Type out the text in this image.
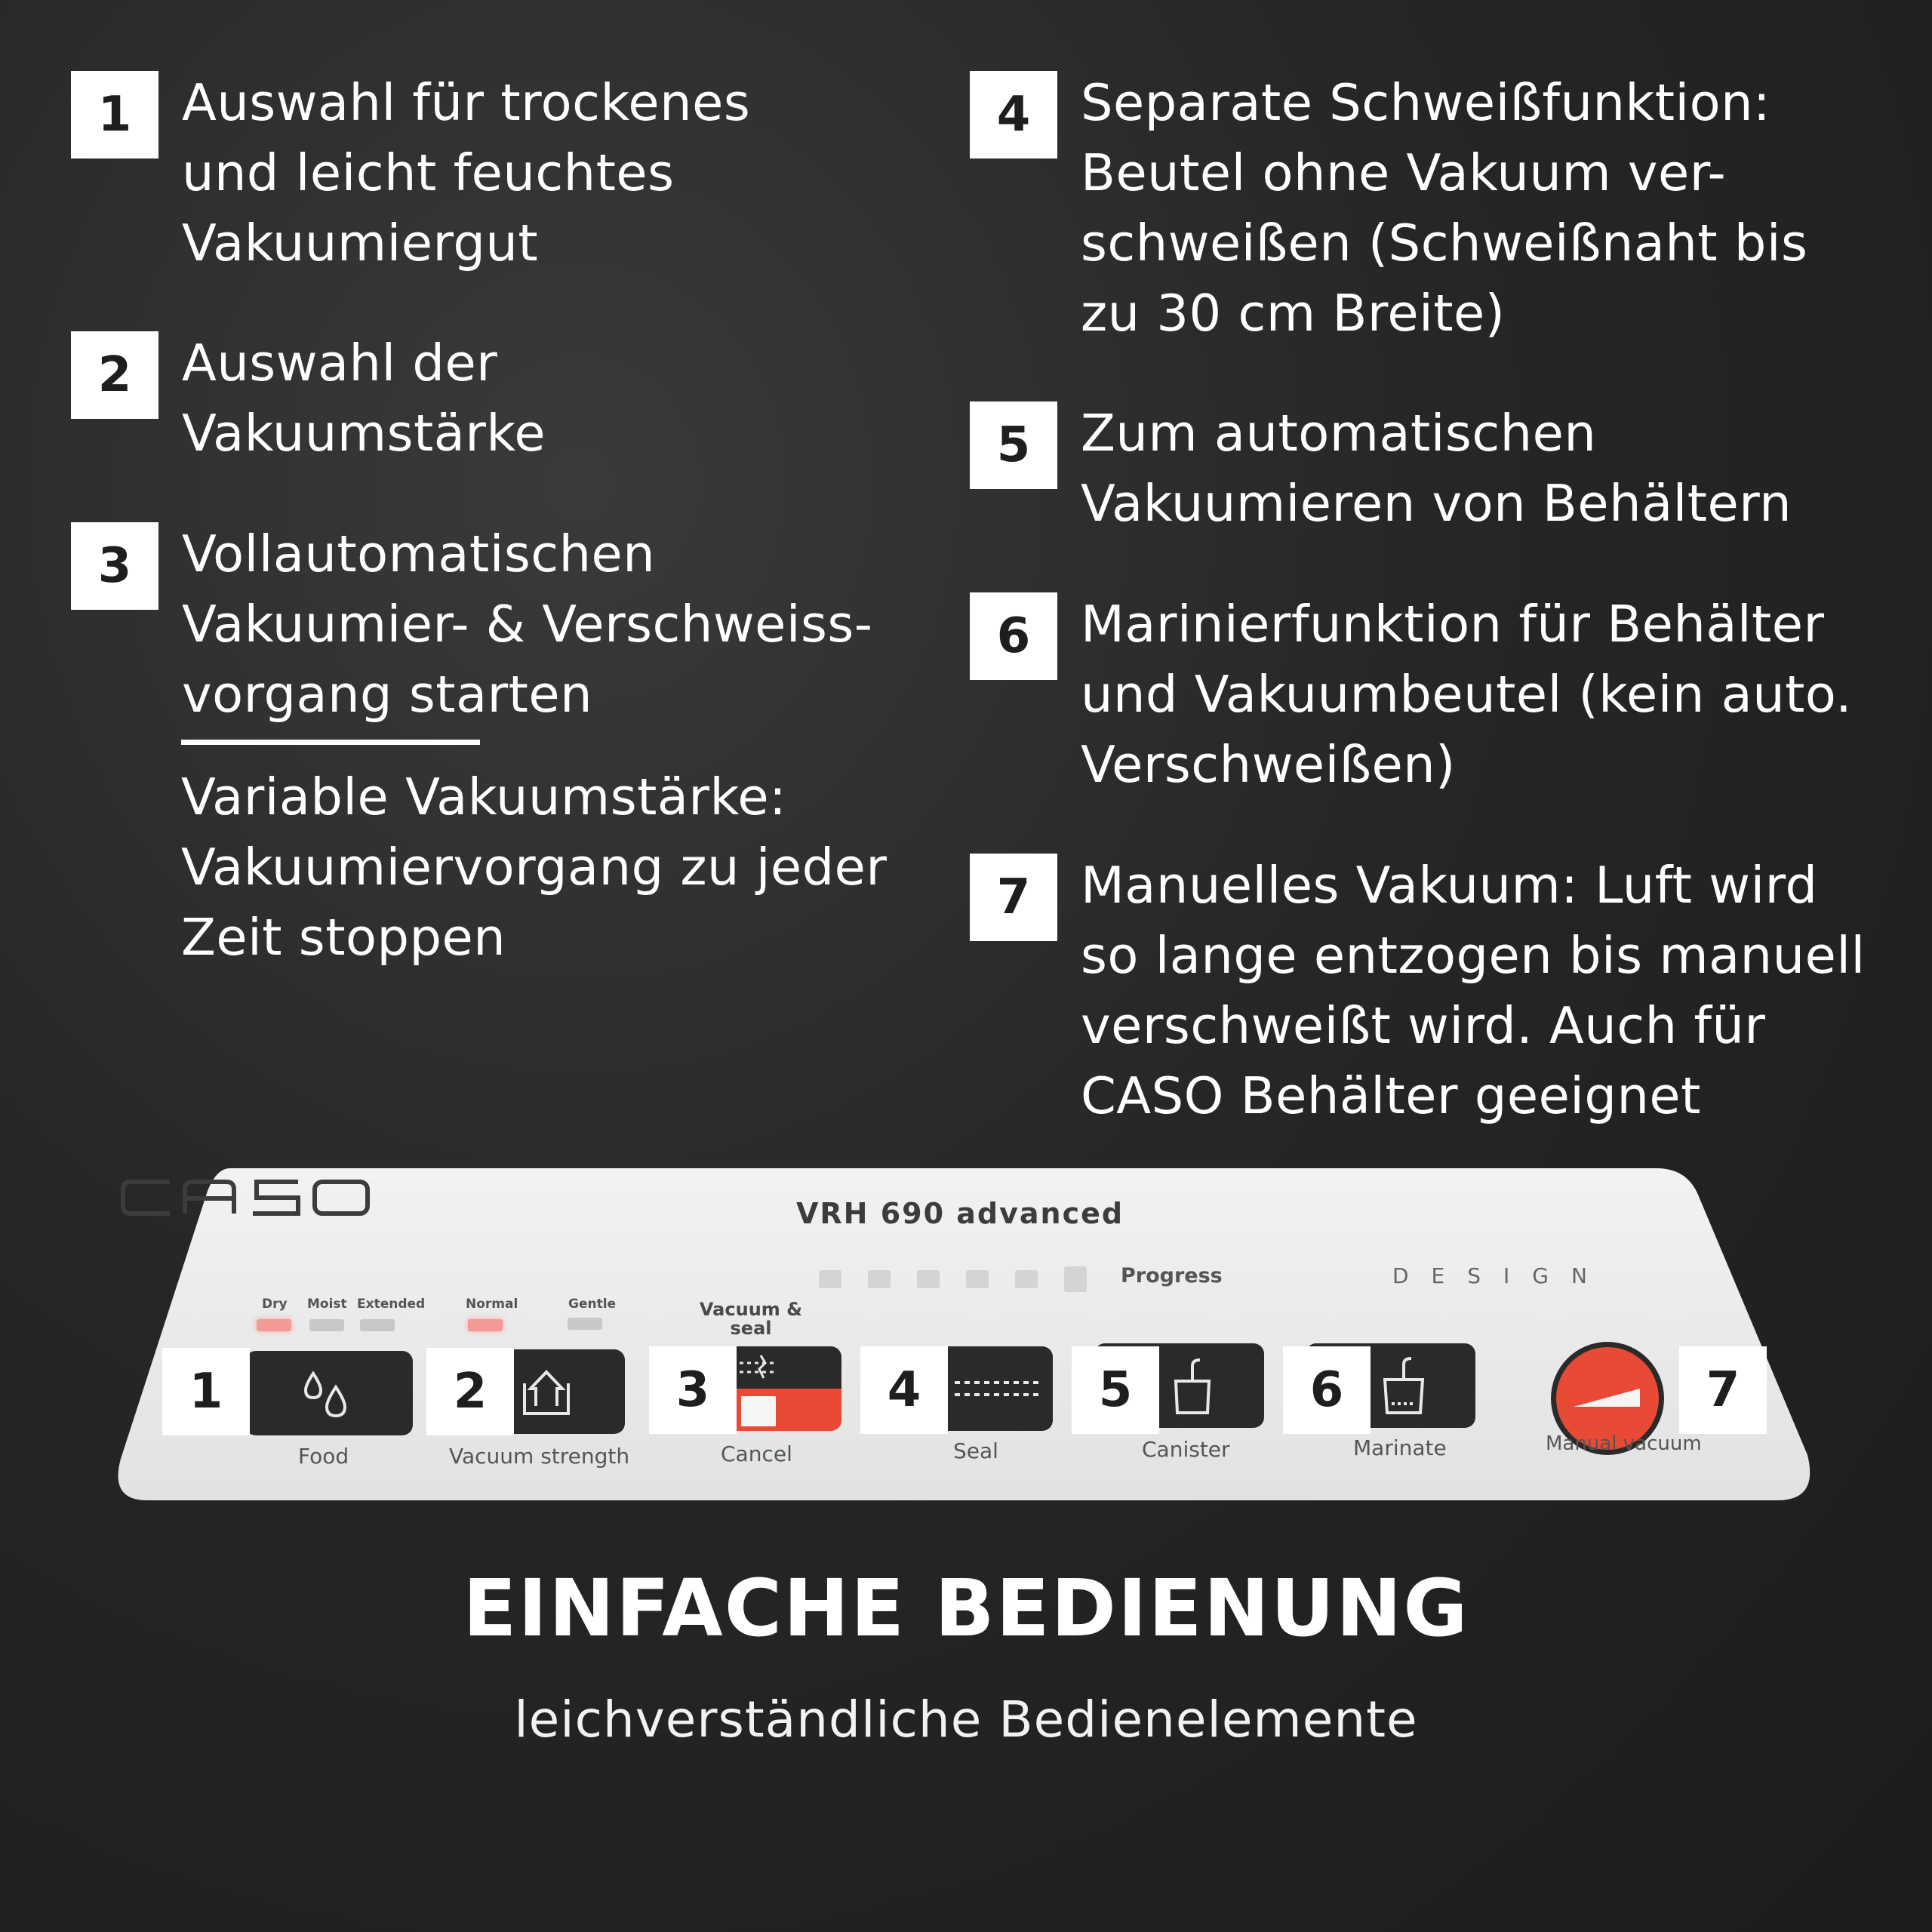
1 Auswahl für trockenes
und leicht feuchtes
Vakuumiergut
2 Auswahl der
Vakuumstärke
3 Vollautomatischen
Vakuumier- & Verschweiss-
vorgang starten
Variable Vakuumstärke:
Vakuumiervorgang zu jeder
Zeit stoppen
4 Separate Schweißfunktion:
Beutel ohne Vakuum ver-
schweißen (Schweißnaht bis
zu 30 cm Breite)
5 Zum automatischen
Vakuumieren von Behältern
6 Marinierfunktion für Behälter
und Vakuumbeutel (kein auto.
Verschweißen)
7 Manuelles Vakuum: Luft wird
so lange entzogen bis manuell
verschweißt wird. Auch für
CASO Behälter geeignet
VRH 690 advanced
Progress	DESIGN
Dry Moist Extended	Normal	Gentle	Vacuum &
seal
1
Food
2
Vacuum strength
3
Cancel
4
Seal
5
Canister
6
Marinate
7
Manual vacuum
EINFACHE BEDIENUNG
leichverständliche Bedienelemente
